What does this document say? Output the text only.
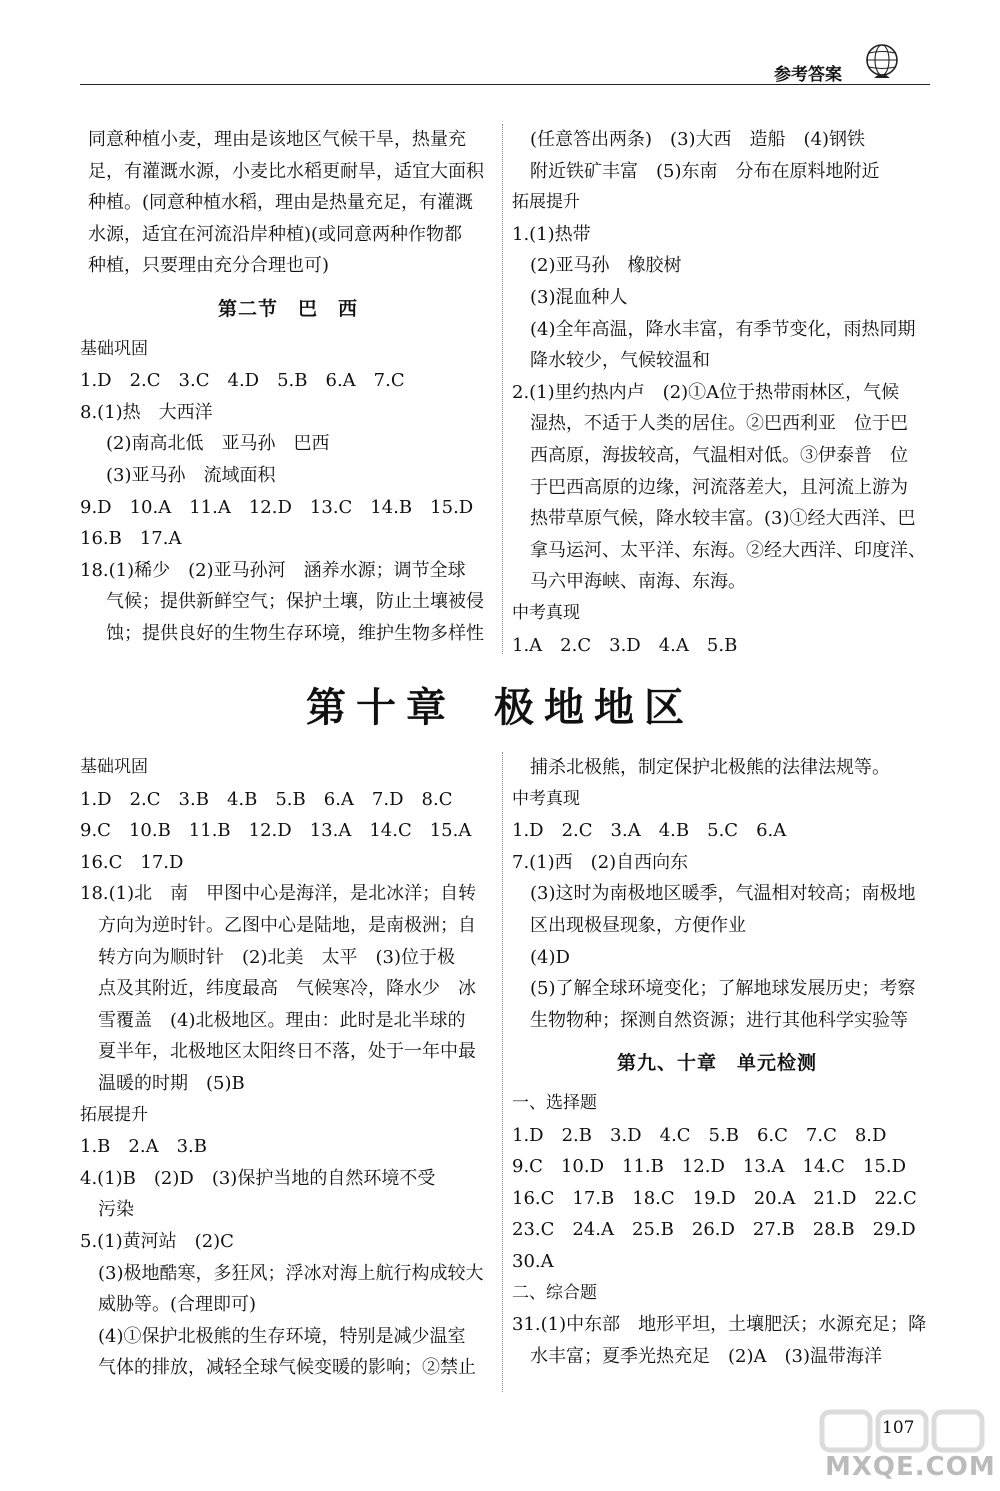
参考答案

同意种植小麦，理由是该地区气候干旱，热量充

足，有灌溉水源，小麦比水稻更耐旱，适宜大面积

种植。(同意种植水稻，理由是热量充足，有灌溉

水源，适宜在河流沿岸种植)(或同意两种作物都

种植，只要理由充分合理也可)

第二节　巴　西

基础巩固

1.D　2.C　3.C　4.D　5.B　6.A　7.C

8.(1)热　大西洋

(2)南高北低　亚马孙　巴西

(3)亚马孙　流域面积

9.D　10.A　11.A　12.D　13.C　14.B　15.D

16.B　17.A

18.(1)稀少　(2)亚马孙河　涵养水源；调节全球

气候；提供新鲜空气；保护土壤，防止土壤被侵

蚀；提供良好的生物生存环境，维护生物多样性

(任意答出两条)　(3)大西　造船　(4)钢铁

附近铁矿丰富　(5)东南　分布在原料地附近

拓展提升

1.(1)热带

(2)亚马孙　橡胶树

(3)混血种人

(4)全年高温，降水丰富，有季节变化，雨热同期

降水较少，气候较温和

2.(1)里约热内卢　(2)①A位于热带雨林区，气候

湿热，不适于人类的居住。②巴西利亚　位于巴

西高原，海拔较高，气温相对低。③伊泰普　位

于巴西高原的边缘，河流落差大，且河流上游为

热带草原气候，降水较丰富。(3)①经大西洋、巴

拿马运河、太平洋、东海。②经大西洋、印度洋、

马六甲海峡、南海、东海。

中考真现

1.A　2.C　3.D　4.A　5.B

第十章 极地地区

基础巩固

1.D　2.C　3.B　4.B　5.B　6.A　7.D　8.C

9.C　10.B　11.B　12.D　13.A　14.C　15.A

16.C　17.D

18.(1)北　南　甲图中心是海洋，是北冰洋；自转

方向为逆时针。乙图中心是陆地，是南极洲；自

转方向为顺时针　(2)北美　太平　(3)位于极

点及其附近，纬度最高　气候寒冷，降水少　冰

雪覆盖　(4)北极地区。理由：此时是北半球的

夏半年，北极地区太阳终日不落，处于一年中最

温暖的时期　(5)B

拓展提升

1.B　2.A　3.B

4.(1)B　(2)D　(3)保护当地的自然环境不受

污染

5.(1)黄河站　(2)C

(3)极地酷寒，多狂风；浮冰对海上航行构成较大

威胁等。(合理即可)

(4)①保护北极熊的生存环境，特别是减少温室

气体的排放，减轻全球气候变暖的影响；②禁止

捕杀北极熊，制定保护北极熊的法律法规等。

中考真现

1.D　2.C　3.A　4.B　5.C　6.A

7.(1)西　(2)自西向东

(3)这时为南极地区暖季，气温相对较高；南极地

区出现极昼现象，方便作业

(4)D

(5)了解全球环境变化；了解地球发展历史；考察

生物物种；探测自然资源；进行其他科学实验等

第九、十章　单元检测

一、选择题

1.D　2.B　3.D　4.C　5.B　6.C　7.C　8.D

9.C　10.D　11.B　12.D　13.A　14.C　15.D

16.C　17.B　18.C　19.D　20.A　21.D　22.C

23.C　24.A　25.B　26.D　27.B　28.B　29.D

30.A

二、综合题

31.(1)中东部　地形平坦，土壤肥沃；水源充足；降

水丰富；夏季光热充足　(2)A　(3)温带海洋

107
MXQE.COM
